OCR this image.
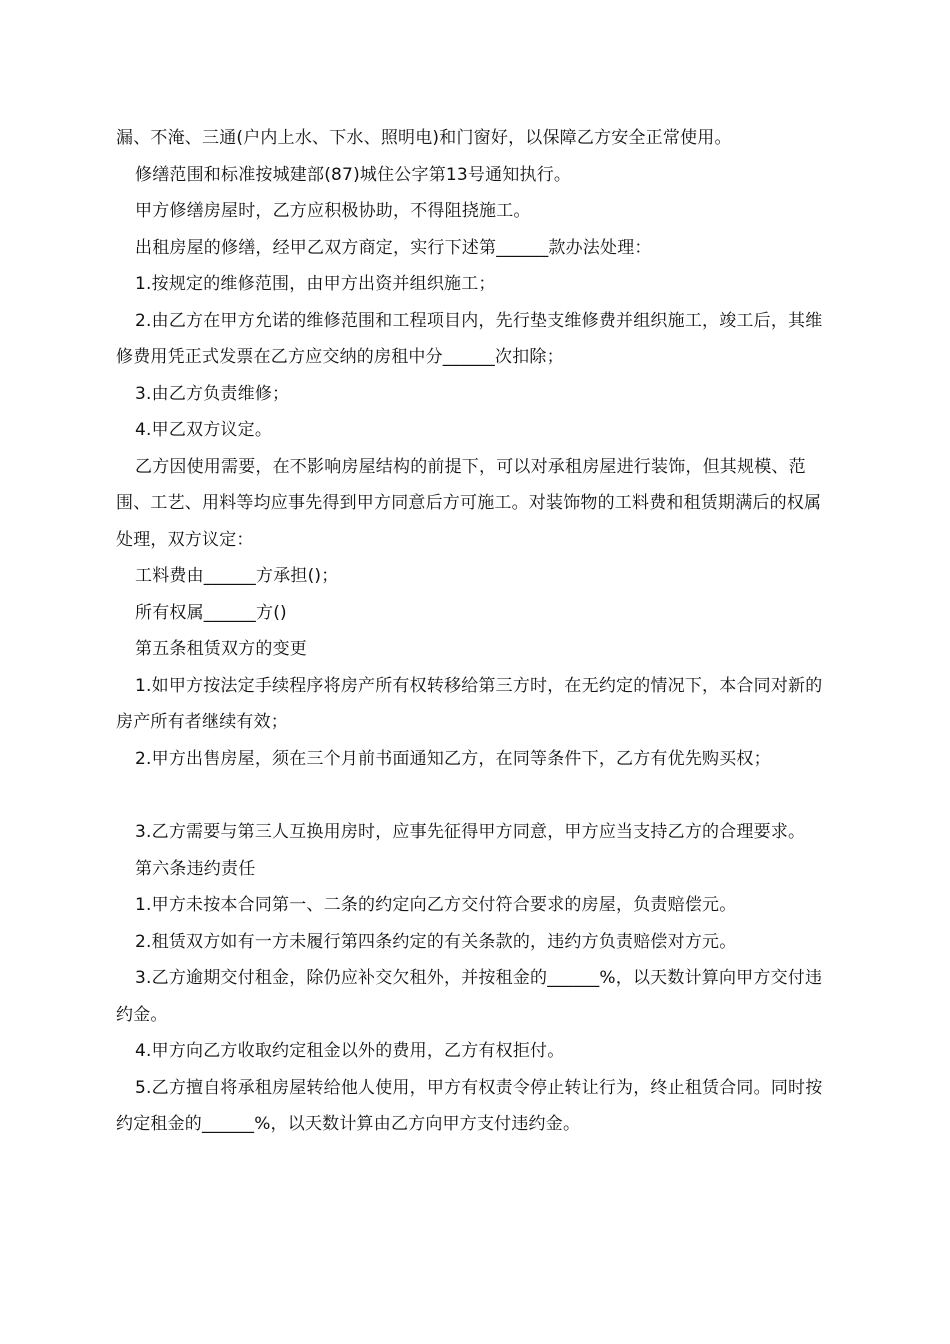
漏、不淹、三通(户内上水、下水、照明电)和门窗好，以保障乙方安全正常使用。

修缮范围和标准按城建部(87)城住公字第13号通知执行。

甲方修缮房屋时，乙方应积极协助，不得阻挠施工。

出租房屋的修缮，经甲乙双方商定，实行下述第______款办法处理：

1.按规定的维修范围，由甲方出资并组织施工；

2.由乙方在甲方允诺的维修范围和工程项目内，先行垫支维修费并组织施工，竣工后，其维修费用凭正式发票在乙方应交纳的房租中分______次扣除；

3.由乙方负责维修；

4.甲乙双方议定。

乙方因使用需要，在不影响房屋结构的前提下，可以对承租房屋进行装饰，但其规模、范围、工艺、用料等均应事先得到甲方同意后方可施工。对装饰物的工料费和租赁期满后的权属处理，双方议定：

工料费由______方承担()；

所有权属______方()

第五条租赁双方的变更

1.如甲方按法定手续程序将房产所有权转移给第三方时，在无约定的情况下，本合同对新的房产所有者继续有效；

2.甲方出售房屋，须在三个月前书面通知乙方，在同等条件下，乙方有优先购买权；

3.乙方需要与第三人互换用房时，应事先征得甲方同意，甲方应当支持乙方的合理要求。

第六条违约责任

1.甲方未按本合同第一、二条的约定向乙方交付符合要求的房屋，负责赔偿元。

2.租赁双方如有一方未履行第四条约定的有关条款的，违约方负责赔偿对方元。

3.乙方逾期交付租金，除仍应补交欠租外，并按租金的______%，以天数计算向甲方交付违约金。

4.甲方向乙方收取约定租金以外的费用，乙方有权拒付。

5.乙方擅自将承租房屋转给他人使用，甲方有权责令停止转让行为，终止租赁合同。同时按约定租金的______%，以天数计算由乙方向甲方支付违约金。
